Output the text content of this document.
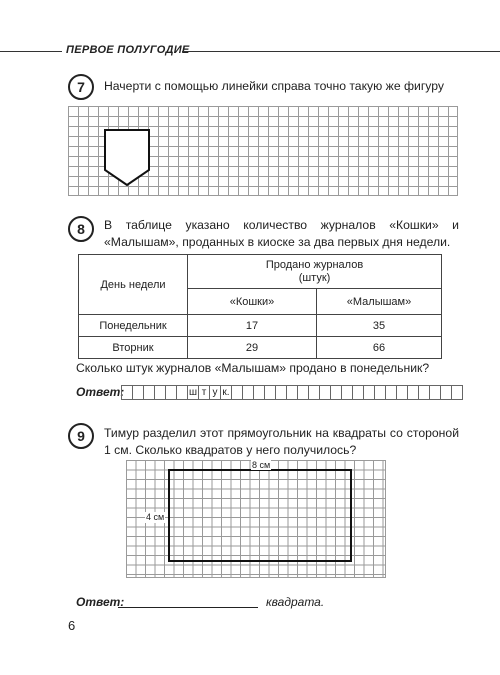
ПЕРВОЕ ПОЛУГОДИЕ
7	Начерти с помощью линейки справа точно такую же фигуру
8	В таблице указано количество журналов «Кошки» и «Малышам», проданных в киоске за два первых дня недели.
День недели	Продано журналов (штук)	

	«Кошки»	«Малышам»
Понедельник	17	35
Вторник	29	66
Сколько штук журналов «Малышам» продано в понедельник?
Ответ:	ш т у к.
9	Тимур разделил этот прямоугольник на квадраты со стороной 1 см. Сколько квадратов у него получилось?
8 см
4 см
Ответ:	квадрата.
6
